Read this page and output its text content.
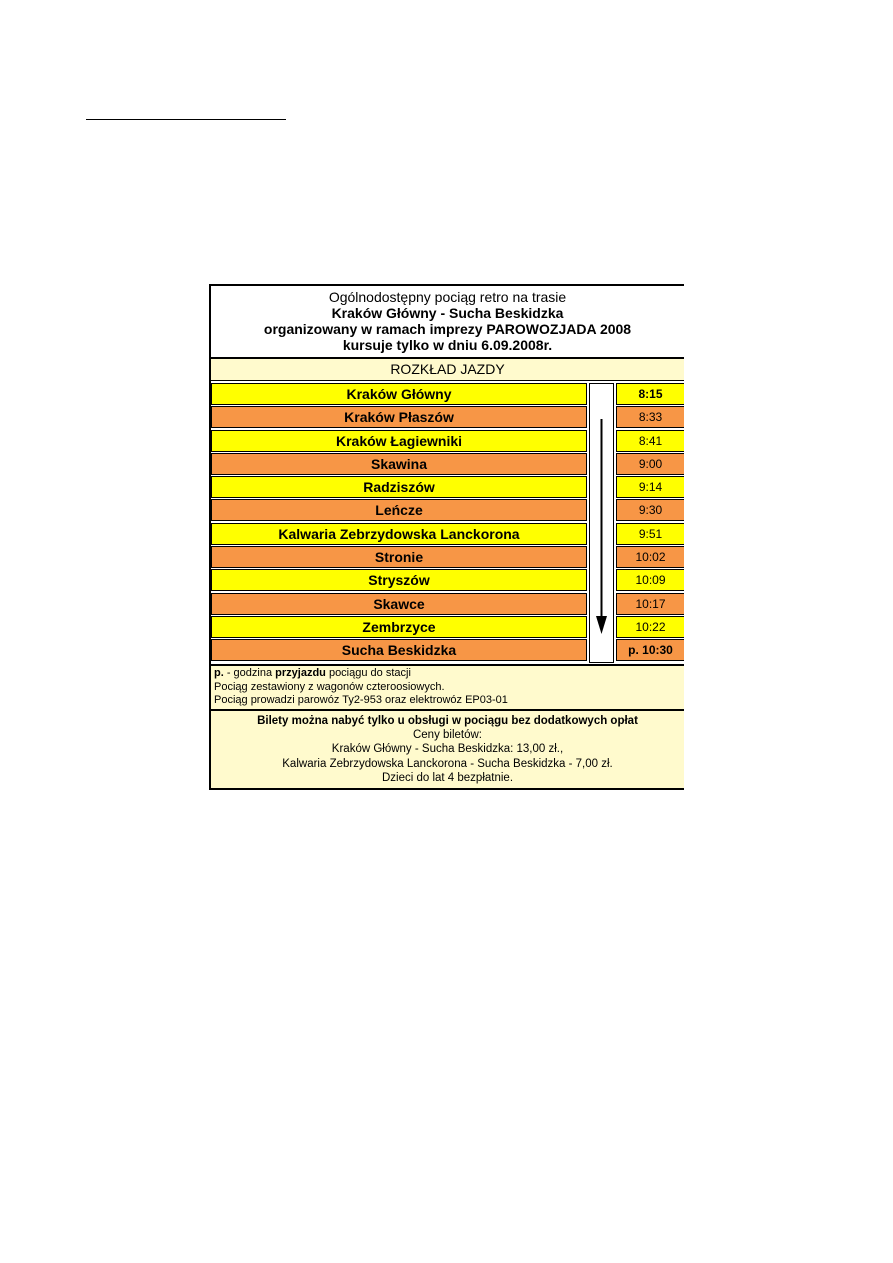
Ogólnodostępny pociąg retro na trasie
Kraków Główny - Sucha Beskidzka
organizowany w ramach imprezy PAROWOZJADA 2008
kursuje tylko w dniu 6.09.2008r.
ROZKŁAD JAZDY
Kraków Główny	8:15
Kraków Płaszów	8:33
Kraków Łagiewniki	8:41
Skawina	9:00
Radziszów	9:14
Leńcze	9:30
Kalwaria Zebrzydowska Lanckorona	9:51
Stronie	10:02
Stryszów	10:09
Skawce	10:17
Zembrzyce	10:22
Sucha Beskidzka	p. 10:30
p. - godzina przyjazdu pociągu do stacji
Pociąg zestawiony z wagonów czteroosiowych.
Pociąg prowadzi parowóz Ty2-953 oraz elektrowóz EP03-01
Bilety można nabyć tylko u obsługi w pociągu bez dodatkowych opłat
Ceny biletów:
Kraków Główny - Sucha Beskidzka: 13,00 zł.,
Kalwaria Zebrzydowska Lanckorona - Sucha Beskidzka - 7,00 zł.
Dzieci do lat 4 bezpłatnie.
